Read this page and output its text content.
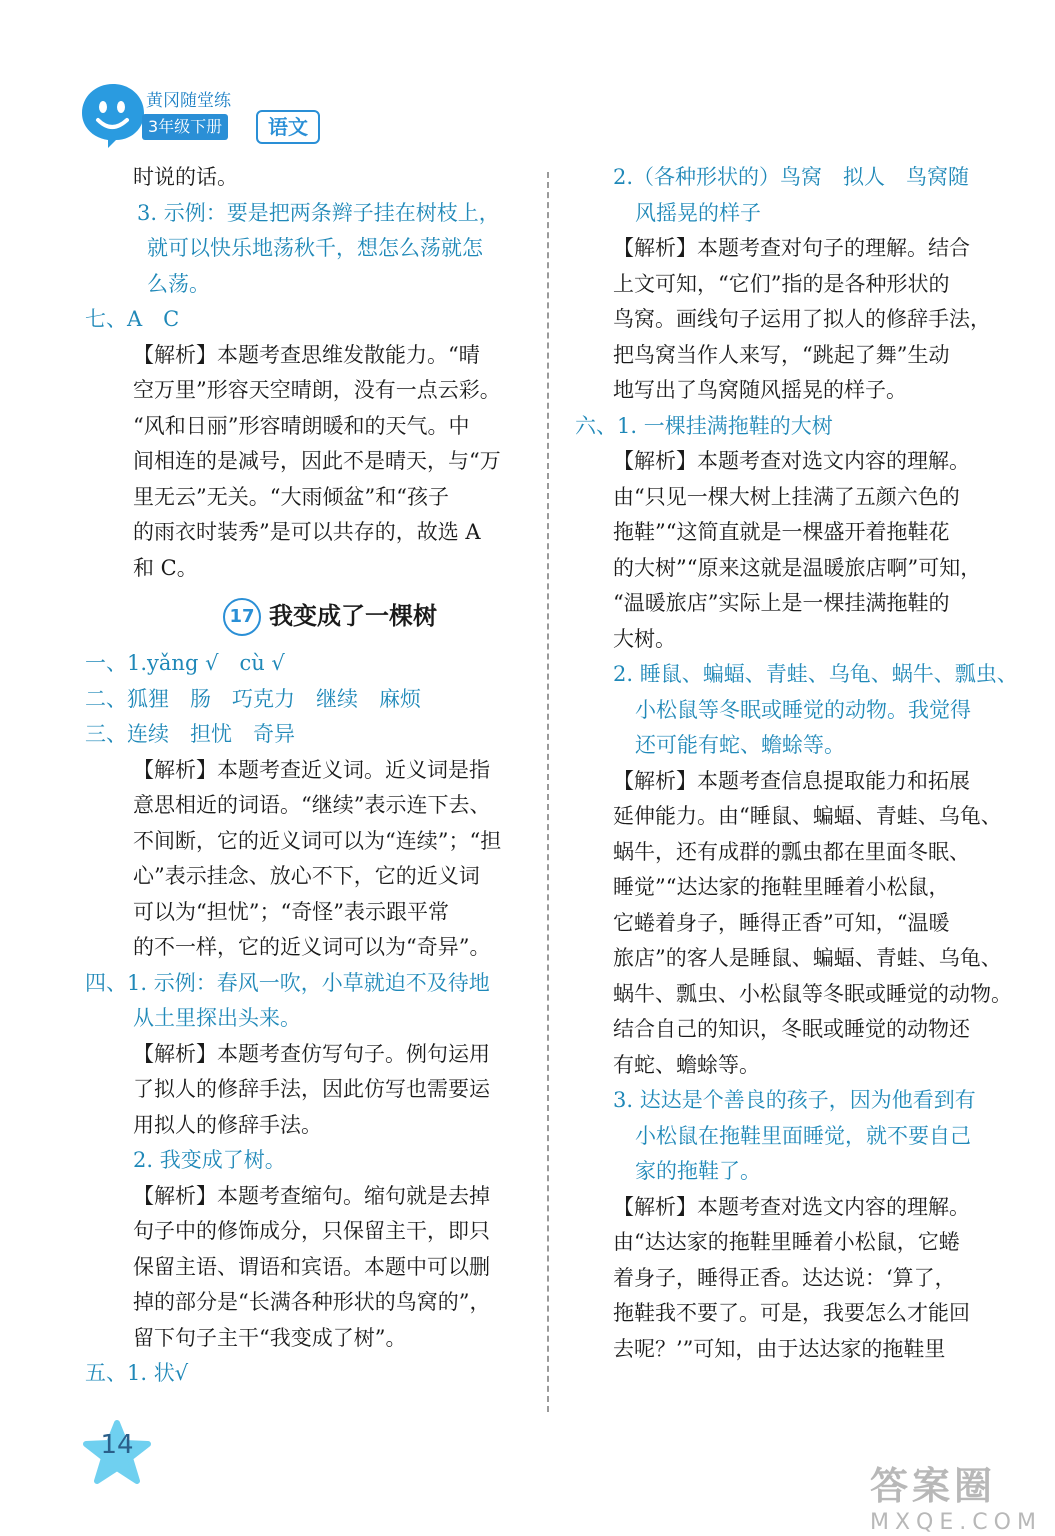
黄冈随堂练
3年级下册	语文
时说的话。
3. 示例：要是把两条辫子挂在树枝上，
就可以快乐地荡秋千，想怎么荡就怎
么荡。
七、A　C
【解析】本题考查思维发散能力。“晴
空万里”形容天空晴朗，没有一点云彩。
“风和日丽”形容晴朗暖和的天气。中
间相连的是减号，因此不是晴天，与“万
里无云”无关。“大雨倾盆”和“孩子
的雨衣时装秀”是可以共存的，故选 A
和 C。
17 我变成了一棵树
一、1.yǎng √　cù √
二、狐狸　肠　巧克力　继续　麻烦
三、连续　担忧　奇异
【解析】本题考查近义词。近义词是指
意思相近的词语。“继续”表示连下去、
不间断，它的近义词可以为“连续”；“担
心”表示挂念、放心不下，它的近义词
可以为“担忧”；“奇怪”表示跟平常
的不一样，它的近义词可以为“奇异”。
四、1. 示例：春风一吹，小草就迫不及待地
从土里探出头来。
【解析】本题考查仿写句子。例句运用
了拟人的修辞手法，因此仿写也需要运
用拟人的修辞手法。
2. 我变成了树。
【解析】本题考查缩句。缩句就是去掉
句子中的修饰成分，只保留主干，即只
保留主语、谓语和宾语。本题中可以删
掉的部分是“长满各种形状的鸟窝的”，
留下句子主干“我变成了树”。
五、1. 状√
2.（各种形状的）鸟窝　拟人　鸟窝随
风摇晃的样子
【解析】本题考查对句子的理解。结合
上文可知，“它们”指的是各种形状的
鸟窝。画线句子运用了拟人的修辞手法，
把鸟窝当作人来写，“跳起了舞”生动
地写出了鸟窝随风摇晃的样子。
六、1. 一棵挂满拖鞋的大树
【解析】本题考查对选文内容的理解。
由“只见一棵大树上挂满了五颜六色的
拖鞋”“这简直就是一棵盛开着拖鞋花
的大树”“原来这就是温暖旅店啊”可知，
“温暖旅店”实际上是一棵挂满拖鞋的
大树。
2. 睡鼠、蝙蝠、青蛙、乌龟、蜗牛、瓢虫、
小松鼠等冬眠或睡觉的动物。我觉得
还可能有蛇、蟾蜍等。
【解析】本题考查信息提取能力和拓展
延伸能力。由“睡鼠、蝙蝠、青蛙、乌龟、
蜗牛，还有成群的瓢虫都在里面冬眠、
睡觉”“达达家的拖鞋里睡着小松鼠，
它蜷着身子，睡得正香”可知，“温暖
旅店”的客人是睡鼠、蝙蝠、青蛙、乌龟、
蜗牛、瓢虫、小松鼠等冬眠或睡觉的动物。
结合自己的知识，冬眠或睡觉的动物还
有蛇、蟾蜍等。
3. 达达是个善良的孩子，因为他看到有
小松鼠在拖鞋里面睡觉，就不要自己
家的拖鞋了。
【解析】本题考查对选文内容的理解。
由“达达家的拖鞋里睡着小松鼠，它蜷
着身子，睡得正香。达达说：‘算了，
拖鞋我不要了。可是，我要怎么才能回
去呢？’”可知，由于达达家的拖鞋里
14
答案圈
MXQE.COM
